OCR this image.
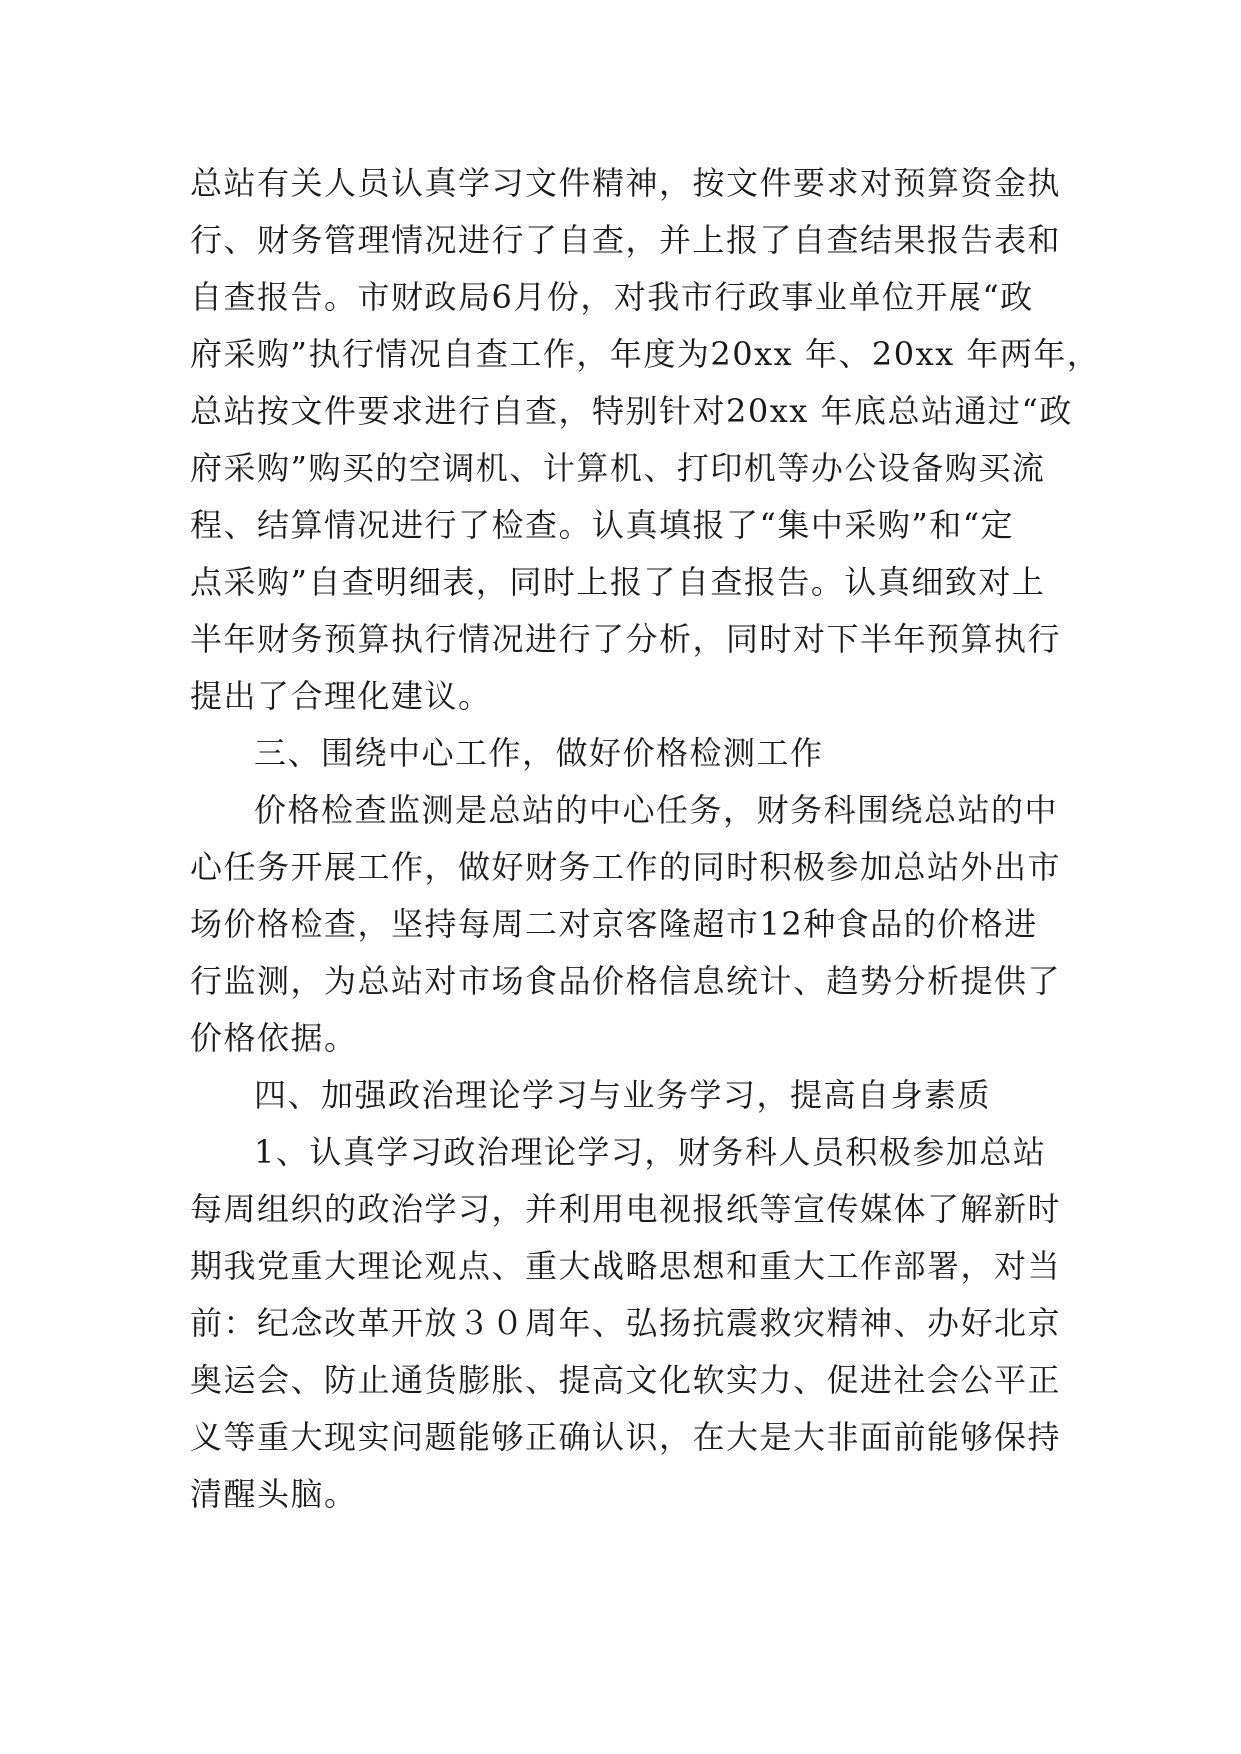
总站有关人员认真学习文件精神，按文件要求对预算资金执
行、财务管理情况进行了自查，并上报了自查结果报告表和
自查报告。市财政局6月份，对我市行政事业单位开展“政
府采购”执行情况自查工作，年度为20xx 年、20xx 年两年，
总站按文件要求进行自查，特别针对20xx 年底总站通过“政
府采购”购买的空调机、计算机、打印机等办公设备购买流
程、结算情况进行了检查。认真填报了“集中采购”和“定
点采购”自查明细表，同时上报了自查报告。认真细致对上
半年财务预算执行情况进行了分析，同时对下半年预算执行
提出了合理化建议。
三、围绕中心工作，做好价格检测工作
价格检查监测是总站的中心任务，财务科围绕总站的中
心任务开展工作，做好财务工作的同时积极参加总站外出市
场价格检查，坚持每周二对京客隆超市12种食品的价格进
行监测，为总站对市场食品价格信息统计、趋势分析提供了
价格依据。
四、加强政治理论学习与业务学习，提高自身素质
1、认真学习政治理论学习，财务科人员积极参加总站
每周组织的政治学习，并利用电视报纸等宣传媒体了解新时
期我党重大理论观点、重大战略思想和重大工作部署，对当
前：纪念改革开放３０周年、弘扬抗震救灾精神、办好北京
奥运会、防止通货膨胀、提高文化软实力、促进社会公平正
义等重大现实问题能够正确认识，在大是大非面前能够保持
清醒头脑。
